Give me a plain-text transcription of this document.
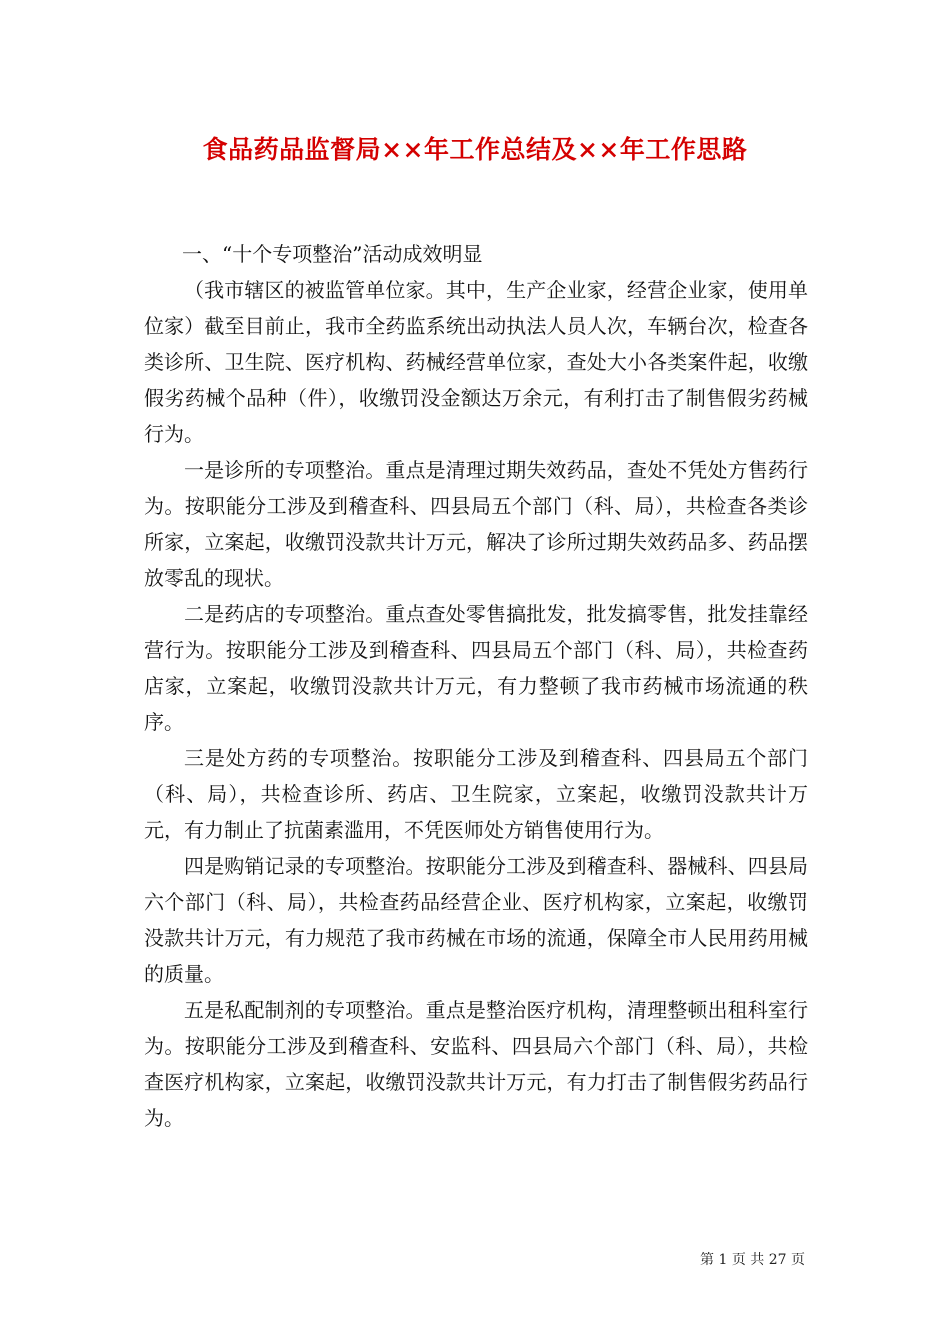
食品药品监督局××年工作总结及××年工作思路

一、“十个专项整治”活动成效明显

（我市辖区的被监管单位家。其中，生产企业家，经营企业家，使用单位家）截至目前止，我市全药监系统出动执法人员人次，车辆台次，检查各类诊所、卫生院、医疗机构、药械经营单位家，查处大小各类案件起，收缴假劣药械个品种（件），收缴罚没金额达万余元，有利打击了制售假劣药械行为。

一是诊所的专项整治。重点是清理过期失效药品，查处不凭处方售药行为。按职能分工涉及到稽查科、四县局五个部门（科、局），共检查各类诊所家，立案起，收缴罚没款共计万元，解决了诊所过期失效药品多、药品摆放零乱的现状。

二是药店的专项整治。重点查处零售搞批发，批发搞零售，批发挂靠经营行为。按职能分工涉及到稽查科、四县局五个部门（科、局），共检查药店家，立案起，收缴罚没款共计万元，有力整顿了我市药械市场流通的秩序。

三是处方药的专项整治。按职能分工涉及到稽查科、四县局五个部门（科、局），共检查诊所、药店、卫生院家，立案起，收缴罚没款共计万元，有力制止了抗菌素滥用，不凭医师处方销售使用行为。

四是购销记录的专项整治。按职能分工涉及到稽查科、器械科、四县局六个部门（科、局），共检查药品经营企业、医疗机构家，立案起，收缴罚没款共计万元，有力规范了我市药械在市场的流通，保障全市人民用药用械的质量。

五是私配制剂的专项整治。重点是整治医疗机构，清理整顿出租科室行为。按职能分工涉及到稽查科、安监科、四县局六个部门（科、局），共检查医疗机构家，立案起，收缴罚没款共计万元，有力打击了制售假劣药品行为。

第 1 页 共 27 页
